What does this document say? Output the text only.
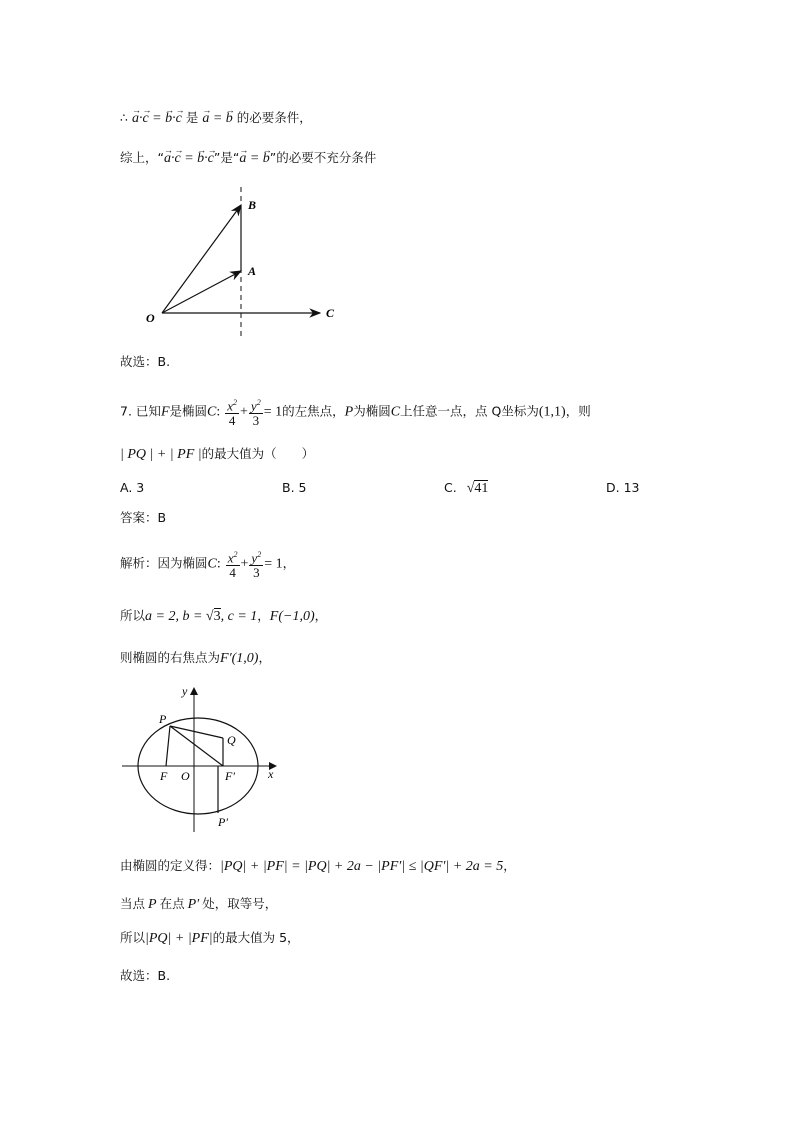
∴ → a·→ c = → b·→ c 是 → a = → b 的必要条件，
综上，“→ a·→ c = → b·→ c”是“→ a = → b”的必要不充分条件
O
A
B
C
故选：B.
7. 已知F是椭圆C: $\frac{x^2}{4} + \frac{y^2}{3} = 1$的左焦点，P为椭圆C上任意一点，点 Q坐标为(1,1)，则
| PQ | + | PF |的最大值为（　　）
A. 3	B. 5	C. √41	D. 13
答案：B
解析：因为椭圆C: $\frac{x^2}{4} + \frac{y^2}{3} = 1$，
所以a = 2, b = √3, c = 1，F(−1,0)，
则椭圆的右焦点为F′(1,0)，
y
x
P
Q
F O	F′
P′
由椭圆的定义得：|PQ| + |PF| = |PQ| + 2a − |PF′| ≤ |QF′| + 2a = 5，
当点 P 在点 P′ 处，取等号，
所以|PQ| + |PF|的最大值为 5，
故选：B.
